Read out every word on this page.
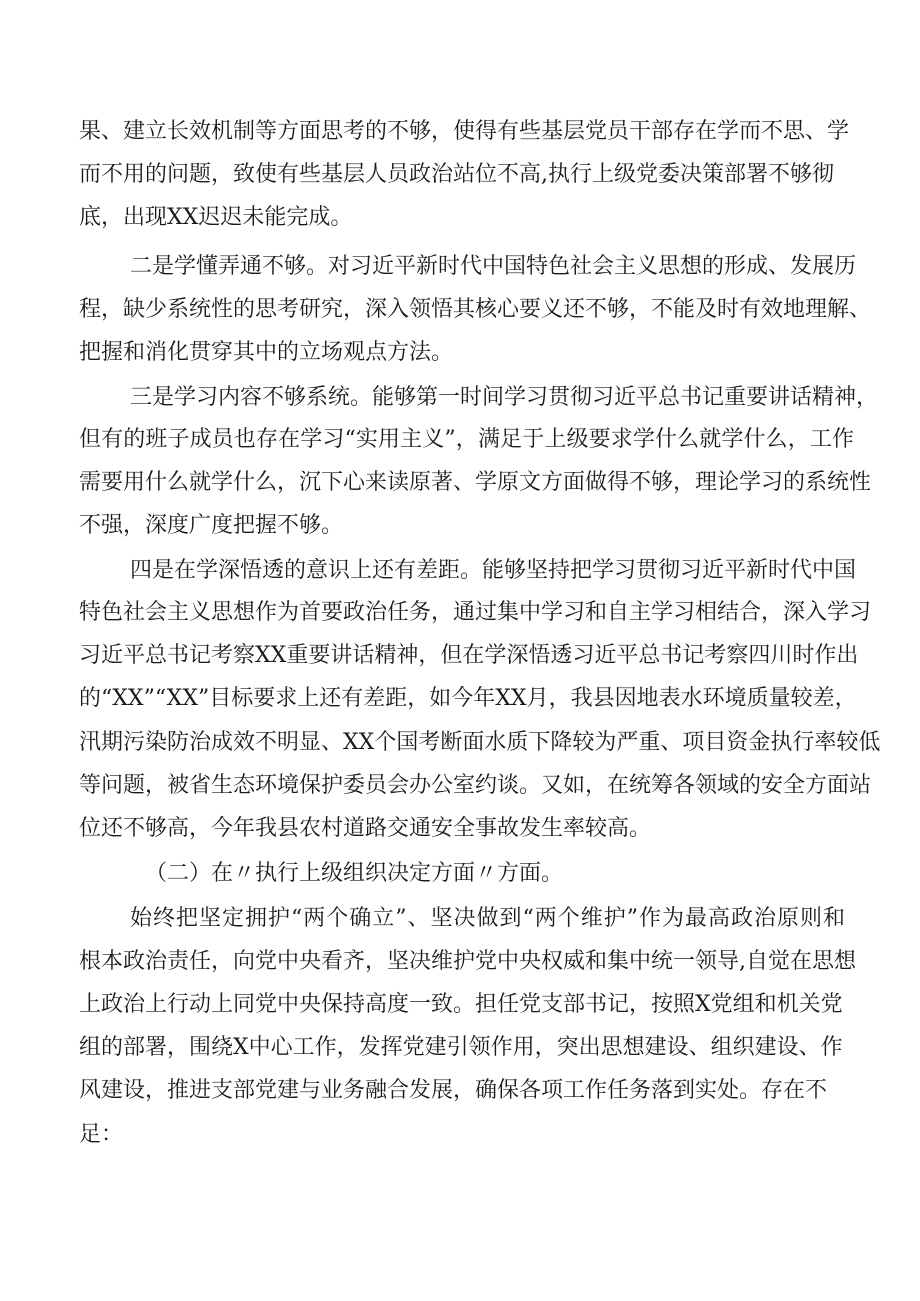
果、建立长效机制等方面思考的不够，使得有些基层党员干部存在学而不思、学
而不用的问题，致使有些基层人员政治站位不高,执行上级党委决策部署不够彻
底，出现XX迟迟未能完成。
二是学懂弄通不够。对习近平新时代中国特色社会主义思想的形成、发展历
程，缺少系统性的思考研究，深入领悟其核心要义还不够，不能及时有效地理解、
把握和消化贯穿其中的立场观点方法。
三是学习内容不够系统。能够第一时间学习贯彻习近平总书记重要讲话精神，
但有的班子成员也存在学习“实用主义”，满足于上级要求学什么就学什么，工作
需要用什么就学什么，沉下心来读原著、学原文方面做得不够，理论学习的系统性
不强，深度广度把握不够。
四是在学深悟透的意识上还有差距。能够坚持把学习贯彻习近平新时代中国
特色社会主义思想作为首要政治任务，通过集中学习和自主学习相结合，深入学习
习近平总书记考察XX重要讲话精神，但在学深悟透习近平总书记考察四川时作出
的“XX”“XX”目标要求上还有差距，如今年XX月，我县因地表水环境质量较差，
汛期污染防治成效不明显、XX个国考断面水质下降较为严重、项目资金执行率较低
等问题，被省生态环境保护委员会办公室约谈。又如，在统筹各领域的安全方面站
位还不够高，今年我县农村道路交通安全事故发生率较高。
（二）在〃执行上级组织决定方面〃方面。
始终把坚定拥护“两个确立”、坚决做到“两个维护”作为最高政治原则和
根本政治责任，向党中央看齐，坚决维护党中央权威和集中统一领导,自觉在思想
上政治上行动上同党中央保持高度一致。担任党支部书记，按照X党组和机关党
组的部署，围绕X中心工作，发挥党建引领作用，突出思想建设、组织建设、作
风建设，推进支部党建与业务融合发展，确保各项工作任务落到实处。存在不
足：
